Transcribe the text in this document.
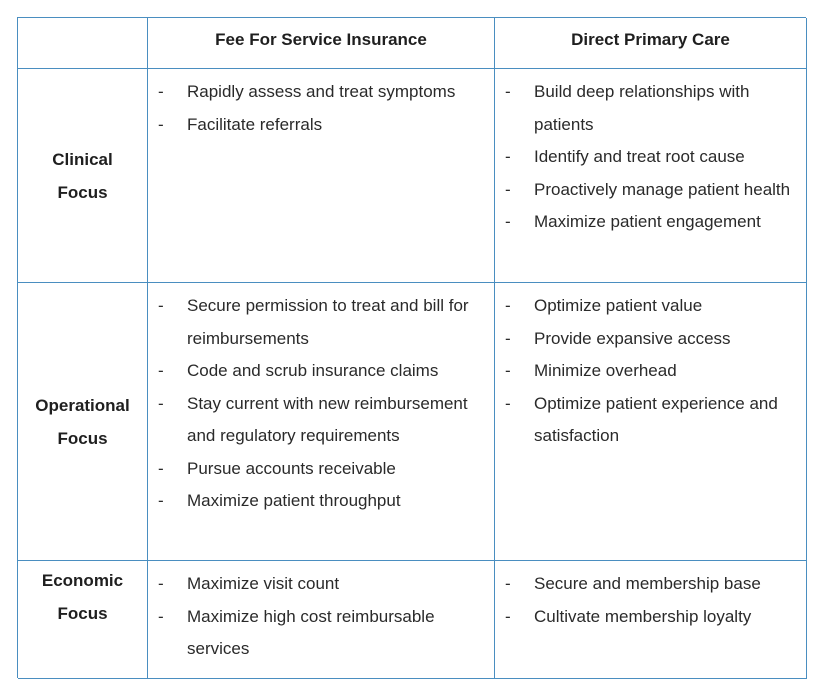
Fee For Service Insurance	Direct Primary Care
Clinical
Focus
- Rapidly assess and treat symptoms
- Facilitate referrals
- Build deep relationships with patients
- Identify and treat root cause
- Proactively manage patient health
- Maximize patient engagement
Operational
Focus
- Secure permission to treat and bill for reimbursements
- Code and scrub insurance claims
- Stay current with new reimbursement and regulatory requirements
- Pursue accounts receivable
- Maximize patient throughput
- Optimize patient value
- Provide expansive access
- Minimize overhead
- Optimize patient experience and satisfaction
Economic
Focus
- Maximize visit count
- Maximize high cost reimbursable services
- Secure and membership base
- Cultivate membership loyalty
